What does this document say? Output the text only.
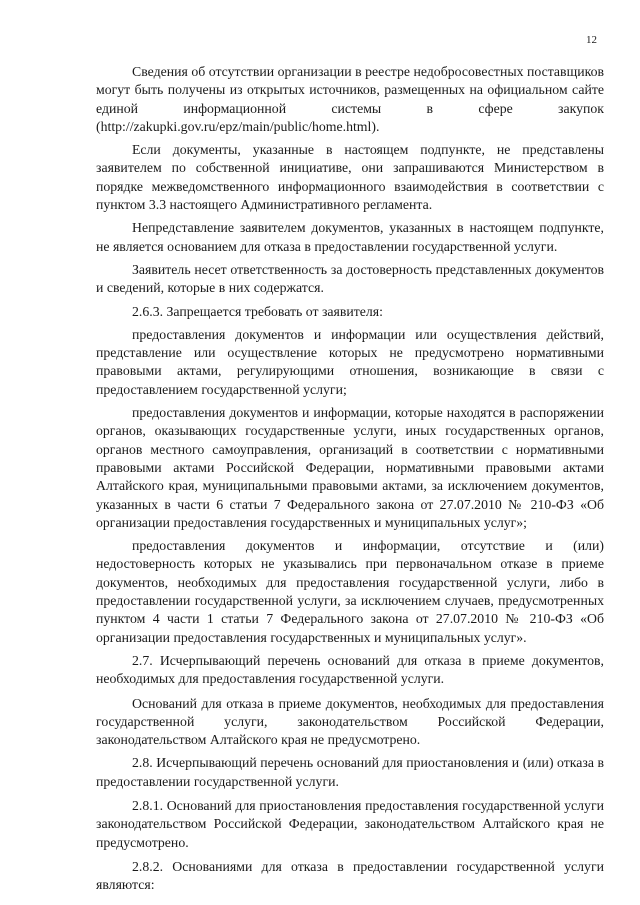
12

Сведения об отсутствии организации в реестре недобросовестных поставщиков могут быть получены из открытых источников, размещенных на официальном сайте единой информационной системы в сфере закупок (http://zakupki.gov.ru/epz/main/public/home.html).

Если документы, указанные в настоящем подпункте, не представлены заявителем по собственной инициативе, они запрашиваются Министерством в порядке межведомственного информационного взаимодействия в соответствии с пунктом 3.3 настоящего Административного регламента.

Непредставление заявителем документов, указанных в настоящем подпункте, не является основанием для отказа в предоставлении государственной услуги.

Заявитель несет ответственность за достоверность представленных документов и сведений, которые в них содержатся.

2.6.3. Запрещается требовать от заявителя:

предоставления документов и информации или осуществления действий, представление или осуществление которых не предусмотрено нормативными правовыми актами, регулирующими отношения, возникающие в связи с предоставлением государственной услуги;

предоставления документов и информации, которые находятся в распоряжении органов, оказывающих государственные услуги, иных государственных органов, органов местного самоуправления, организаций в соответствии с нормативными правовыми актами Российской Федерации, нормативными правовыми актами Алтайского края, муниципальными правовыми актами, за исключением документов, указанных в части 6 статьи 7 Федерального закона от 27.07.2010 № 210-ФЗ «Об организации предоставления государственных и муниципальных услуг»;

предоставления документов и информации, отсутствие и (или) недостоверность которых не указывались при первоначальном отказе в приеме документов, необходимых для предоставления государственной услуги, либо в предоставлении государственной услуги, за исключением случаев, предусмотренных пунктом 4 части 1 статьи 7 Федерального закона от 27.07.2010 № 210-ФЗ «Об организации предоставления государственных и муниципальных услуг».

2.7. Исчерпывающий перечень оснований для отказа в приеме документов, необходимых для предоставления государственной услуги.

Оснований для отказа в приеме документов, необходимых для предоставления государственной услуги, законодательством Российской Федерации, законодательством Алтайского края не предусмотрено.

2.8. Исчерпывающий перечень оснований для приостановления и (или) отказа в предоставлении государственной услуги.

2.8.1. Оснований для приостановления предоставления государственной услуги законодательством Российской Федерации, законодательством Алтайского края не предусмотрено.

2.8.2. Основаниями для отказа в предоставлении государственной услуги являются:
